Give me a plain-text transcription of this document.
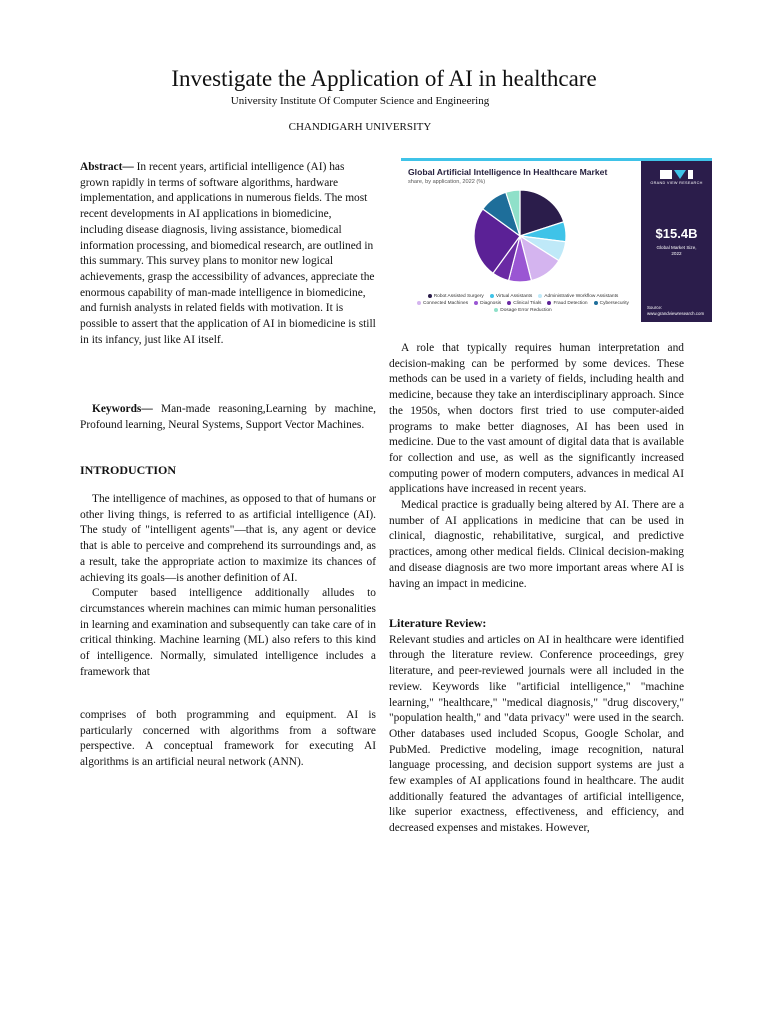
Investigate the Application of AI in healthcare
University Institute Of Computer Science and Engineering
CHANDIGARH UNIVERSITY

Abstract— In recent years, artificial intelligence (AI) has grown rapidly in terms of software algorithms, hardware implementation, and applications in numerous fields. The most recent developments in AI applications in biomedicine, including disease diagnosis, living assistance, biomedical information processing, and biomedical research, are outlined in this summary. This survey plans to monitor new logical achievements, grasp the accessibility of advances, appreciate the enormous capability of man-made intelligence in biomedicine, and furnish analysts in related fields with motivation. It is possible to assert that the application of AI in biomedicine is still in its infancy, just like AI itself.

Keywords— Man-made reasoning,Learning by machine, Profound learning, Neural Systems, Support Vector Machines.

INTRODUCTION

The intelligence of machines, as opposed to that of humans or other living things, is referred to as artificial intelligence (AI). The study of "intelligent agents"—that is, any agent or device that is able to perceive and comprehend its surroundings and, as a result, take the appropriate action to maximize its chances of achieving its goals—is another definition of AI.

Computer based intelligence additionally alludes to circumstances wherein machines can mimic human personalities in learning and examination and subsequently can take care of in critical thinking. Machine learning (ML) also refers to this kind of intelligence. Normally, simulated intelligence includes a framework that

comprises of both programming and equipment. AI is particularly concerned with algorithms from a software perspective. A conceptual framework for executing AI algorithms is an artificial neural network (ANN).

Global Artificial Intelligence In Healthcare Market
share, by application, 2022 (%)
Robot Assisted Surgery	Virtual Assistants	Administrative Workflow AssistantsConnected Machines	Diagnosis	Clinical Trials	Fraud Detection	CybersecurityDosage Error Reduction
GRAND VIEW RESEARCH
$15.4B
Global Market Size,
2022
Source:
www.grandviewresearch.com

A role that typically requires human interpretation and decision-making can be performed by some devices. These methods can be used in a variety of fields, including health and medicine, because they take an interdisciplinary approach. Since the 1950s, when doctors first tried to use computer-aided programs to make better diagnoses, AI has been used in medicine. Due to the vast amount of digital data that is available for collection and use, as well as the significantly increased computing power of modern computers, advances in medical AI applications have increased in recent years.

Medical practice is gradually being altered by AI. There are a number of AI applications in medicine that can be used in clinical, diagnostic, rehabilitative, surgical, and predictive practices, among other medical fields. Clinical decision-making and disease diagnosis are two more important areas where AI is having an impact in medicine.

Literature Review:

Relevant studies and articles on AI in healthcare were identified through the literature review. Conference proceedings, grey literature, and peer-reviewed journals were all included in the review. Keywords like "artificial intelligence," "machine learning," "healthcare," "medical diagnosis," "drug discovery," "population health," and "data privacy" were used in the search. Other databases used included Scopus, Google Scholar, and PubMed. Predictive modeling, image recognition, natural language processing, and decision support systems are just a few examples of AI applications found in healthcare. The audit additionally featured the advantages of artificial intelligence, like superior exactness, effectiveness, and efficiency, and decreased expenses and mistakes. However,
